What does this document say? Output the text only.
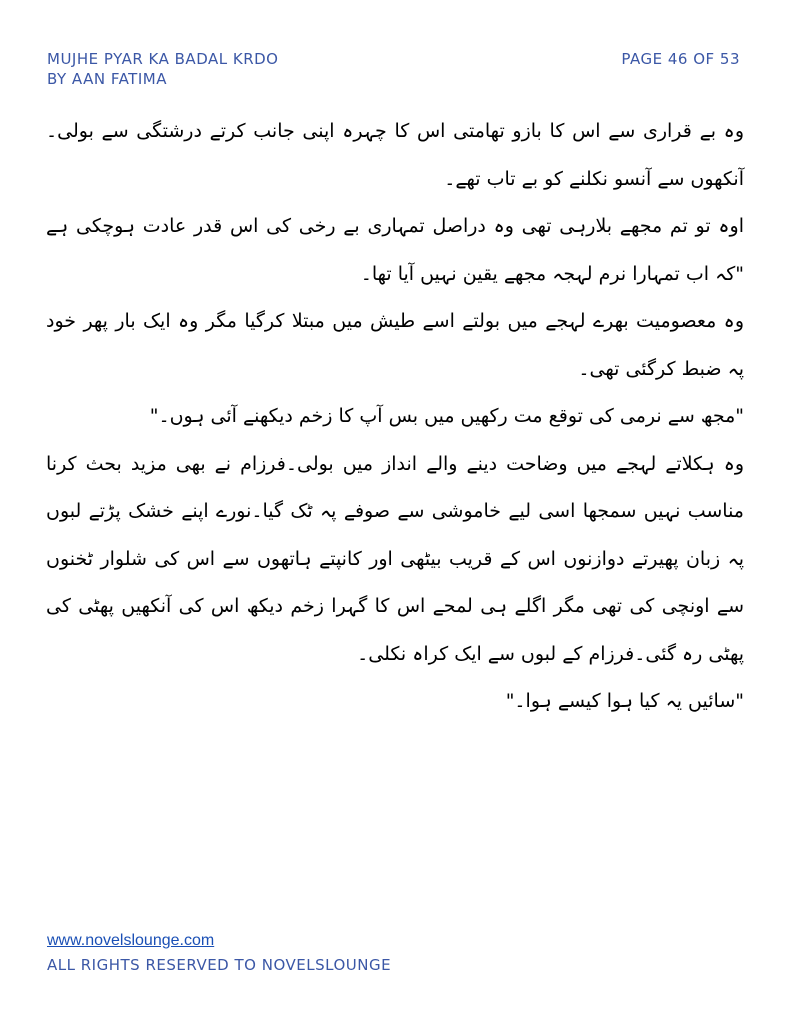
MUJHE PYAR KA BADAL KRDO
BY AAN FATIMA
PAGE 46 OF 53

وہ بے قراری سے اس کا بازو تھامتی اس کا چہرہ اپنی جانب کرتے درشتگی سے بولی۔آنکھوں سے آنسو نکلنے کو بے تاب تھے۔

اوہ تو تم مجھے بلارہی تھی وہ دراصل تمہاری بے رخی کی اس قدر عادت ہوچکی ہے "کہ اب تمہارا نرم لہجہ مجھے یقین نہیں آیا تھا۔

وہ معصومیت بھرے لہجے میں بولتے اسے طیش میں مبتلا کرگیا مگر وہ ایک بار پھر خود پہ ضبط کرگئی تھی۔

"مجھ سے نرمی کی توقع مت رکھیں میں بس آپ کا زخم دیکھنے آئی ہوں۔"

وہ ہکلاتے لہجے میں وضاحت دینے والے انداز میں بولی۔فرزام نے بھی مزید بحث کرنا مناسب نہیں سمجھا اسی لیے خاموشی سے صوفے پہ ٹک گیا۔نورے اپنے خشک پڑتے لبوں پہ زبان پھیرتے دوازنوں اس کے قریب بیٹھی اور کانپتے ہاتھوں سے اس کی شلوار ٹخنوں سے اونچی کی تھی مگر اگلے ہی لمحے اس کا گہرا زخم دیکھ اس کی آنکھیں پھٹی کی پھٹی رہ گئی۔فرزام کے لبوں سے ایک کراہ نکلی۔

"سائیں یہ کیا ہوا کیسے ہوا۔"

www.novelslounge.com
ALL RIGHTS RESERVED TO NOVELSLOUNGE
